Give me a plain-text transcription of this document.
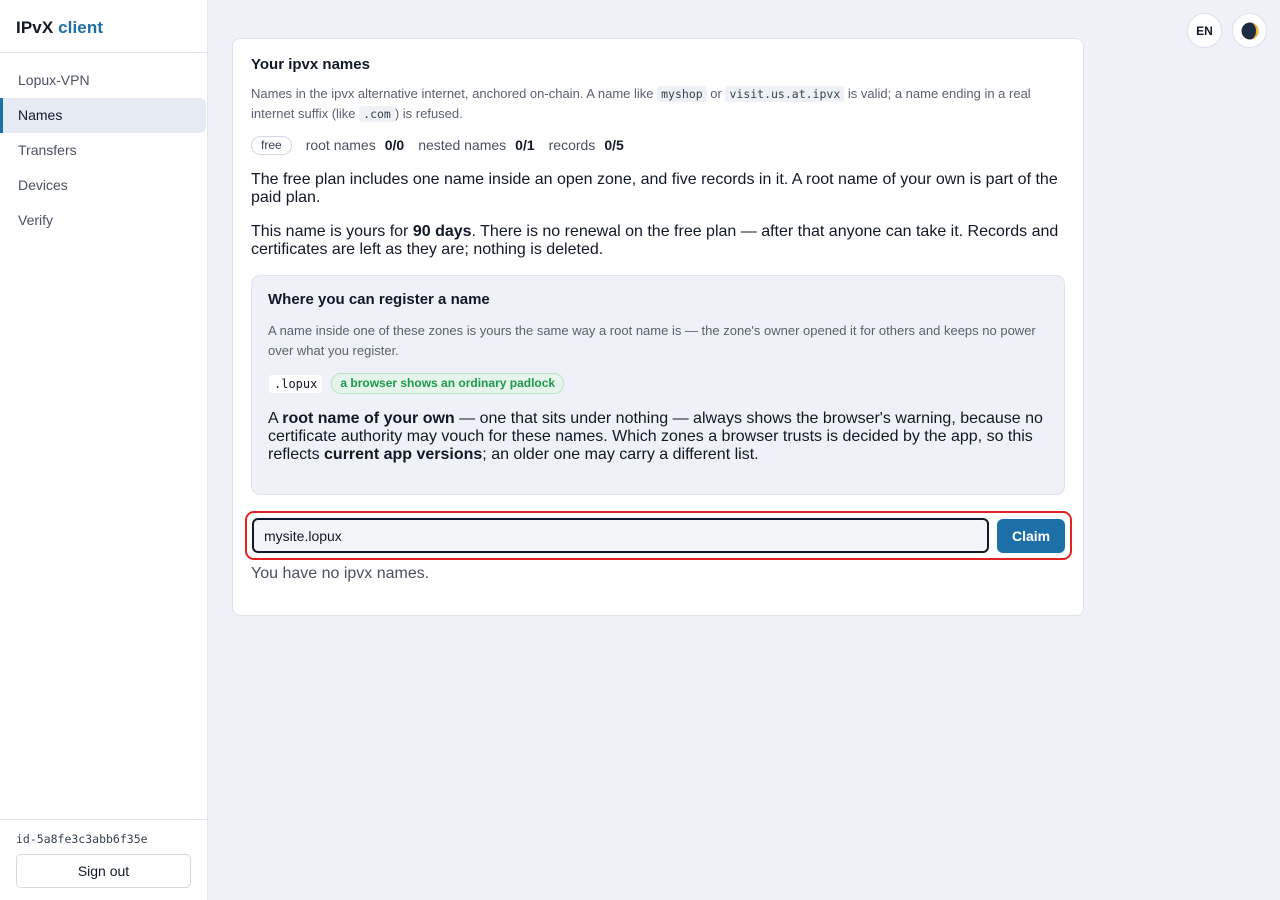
IPvX client
Lopux-VPN
Names
Transfers
Devices
Verify
id-5a8fe3c3abb6f35e
Sign out
EN
Your ipvx names

Names in the ipvx alternative internet, anchored on-chain. A name like myshop or visit.us.at.ipvx is valid; a name ending in a real internet suffix (like .com ) is refused.

free	root names 0/0 nested names 0/1 records 0/5

The free plan includes one name inside an open zone, and five records in it. A root name of your own is part of the paid plan.

This name is yours for 90 days. There is no renewal on the free plan — after that anyone can take it. Records and certificates are left as they are; nothing is deleted.

Where you can register a name

A name inside one of these zones is yours the same way a root name is — the zone's owner opened it for others and keeps no power over what you register.

.lopux	a browser shows an ordinary padlock

A root name of your own — one that sits under nothing — always shows the browser's warning, because no certificate authority may vouch for these names. Which zones a browser trusts is decided by the app, so this reflects current app versions; an older one may carry a different list.

mysite.lopux
Claim

You have no ipvx names.
